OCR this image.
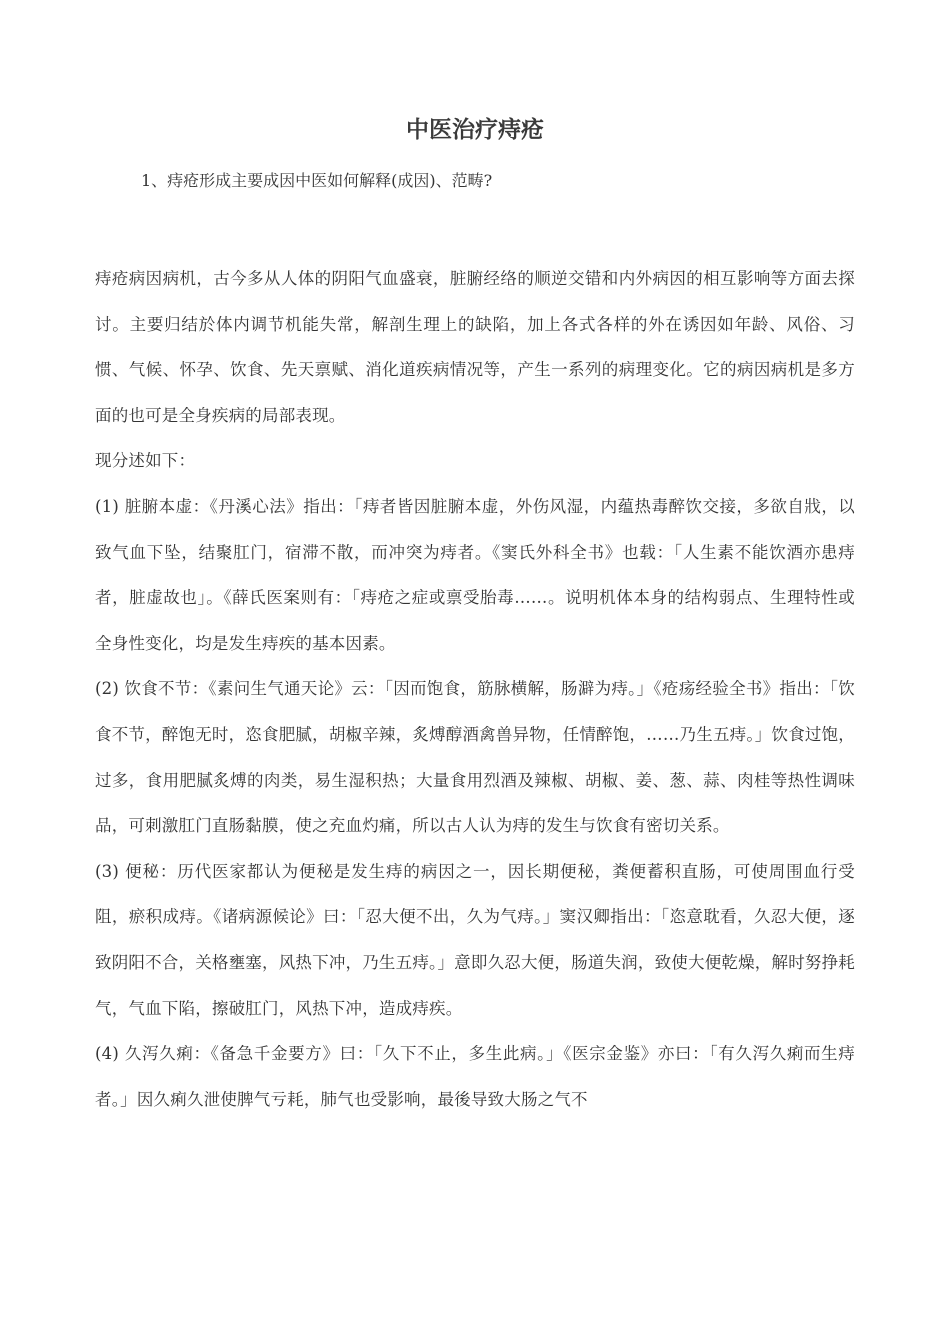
中医治疗痔疮

1、痔疮形成主要成因中医如何解释(成因)、范畴?

痔疮病因病机，古今多从人体的阴阳气血盛衰，脏腑经络的顺逆交错和内外病因的相互影响等方面去探讨。主要归结於体内调节机能失常，解剖生理上的缺陷，加上各式各样的外在诱因如年龄、风俗、习惯、气候、怀孕、饮食、先天禀赋、消化道疾病情况等，产生一系列的病理变化。它的病因病机是多方面的也可是全身疾病的局部表现。

现分述如下：

(1) 脏腑本虚：《丹溪心法》指出：「痔者皆因脏腑本虚，外伤风湿，内蕴热毒醉饮交接，多欲自戕，以致气血下坠，结聚肛门，宿滞不散，而冲突为痔者。《窦氏外科全书》也载：「人生素不能饮酒亦患痔者，脏虚故也」。《薛氏医案则有：「痔疮之症或禀受胎毒……。说明机体本身的结构弱点、生理特性或全身性变化，均是发生痔疾的基本因素。

(2) 饮食不节：《素问生气通天论》云：「因而饱食，筋脉横解，肠澼为痔。」《疮疡经验全书》指出：「饮食不节，醉饱无时，恣食肥腻，胡椒辛辣，炙煿醇酒禽兽异物，任情醉饱，……乃生五痔。」饮食过饱，过多，食用肥腻炙煿的肉类，易生湿积热；大量食用烈酒及辣椒、胡椒、姜、葱、蒜、肉桂等热性调味品，可刺激肛门直肠黏膜，使之充血灼痛，所以古人认为痔的发生与饮食有密切关系。

(3) 便秘：历代医家都认为便秘是发生痔的病因之一，因长期便秘，粪便蓄积直肠，可使周围血行受阻，瘀积成痔。《诸病源候论》曰：「忍大便不出，久为气痔。」窦汉卿指出：「恣意耽看，久忍大便，逐致阴阳不合，关格壅塞，风热下冲，乃生五痔。」意即久忍大便，肠道失润，致使大便乾燥，解时努挣耗气，气血下陷，擦破肛门，风热下冲，造成痔疾。

(4) 久泻久痢：《备急千金要方》曰：「久下不止，多生此病。」《医宗金鉴》亦曰：「有久泻久痢而生痔者。」因久痢久泄使脾气亏耗，肺气也受影响，最後导致大肠之气不
